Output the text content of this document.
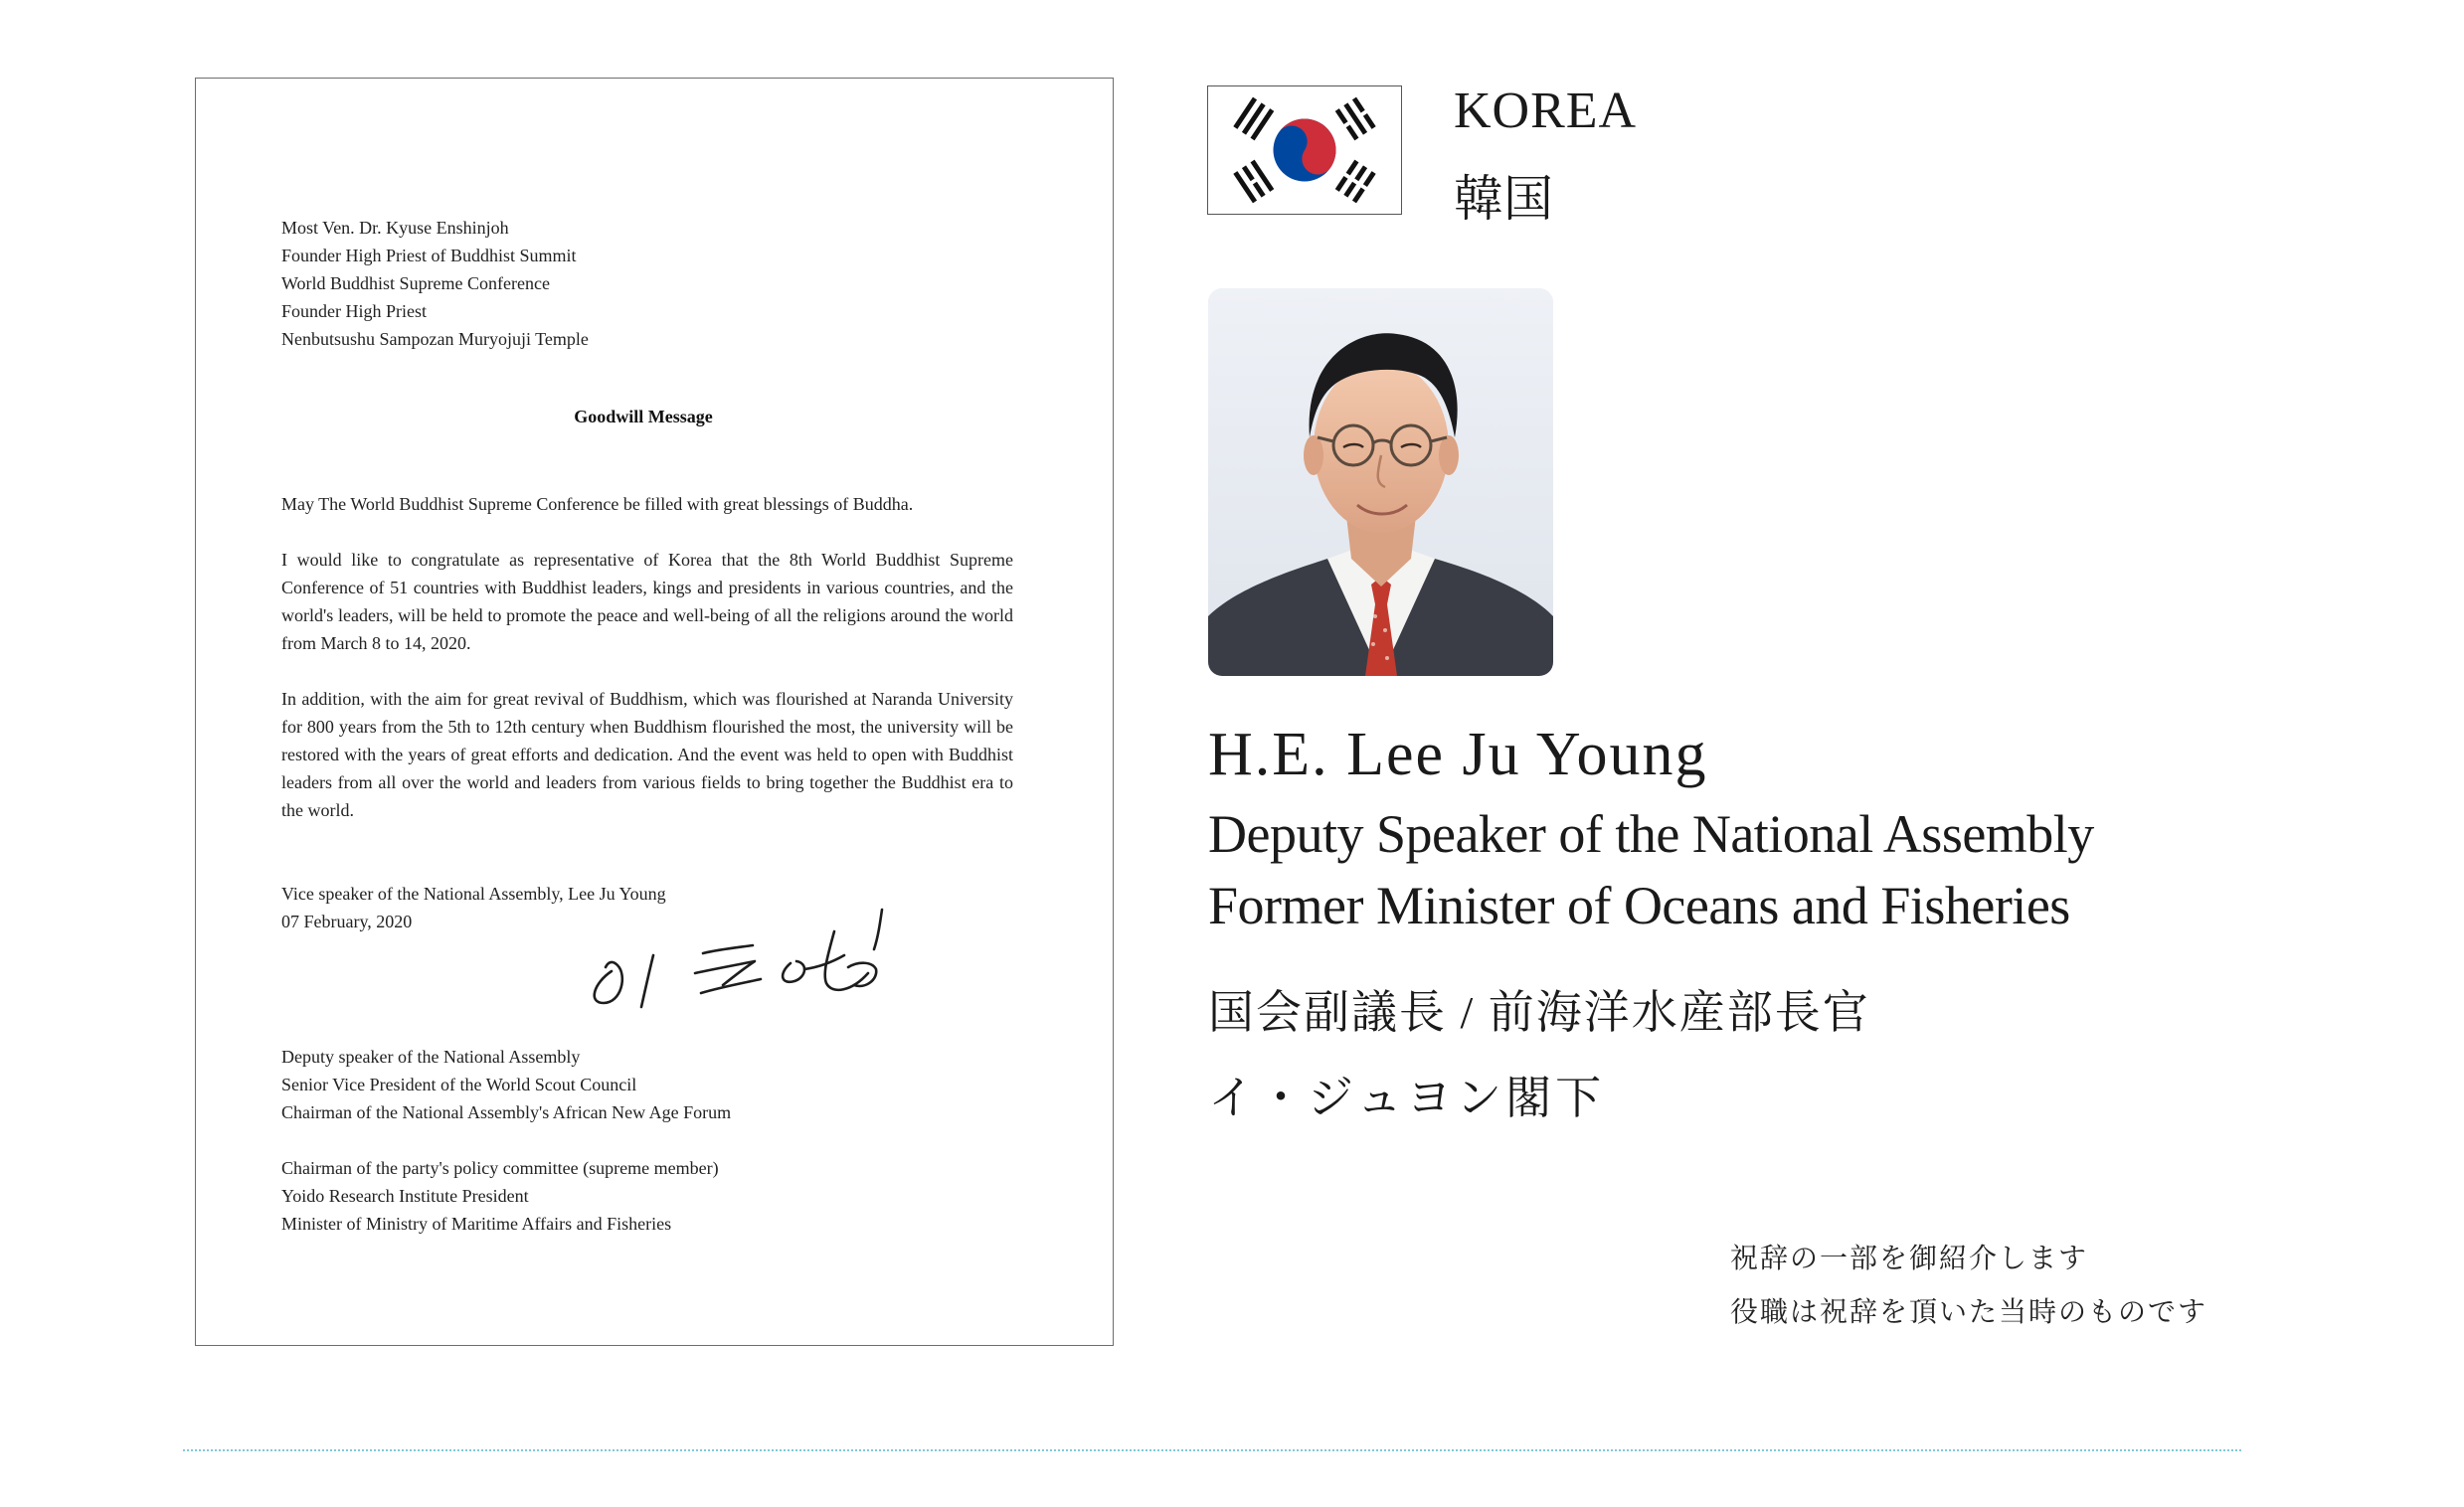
Most Ven. Dr. Kyuse Enshinjoh
Founder High Priest of Buddhist Summit
World Buddhist Supreme Conference
Founder High Priest
Nenbutsushu Sampozan Muryojuji Temple
Goodwill Message

May The World Buddhist Supreme Conference be filled with great blessings of Buddha.

I would like to congratulate as representative of Korea that the 8th World Buddhist Supreme Conference of 51 countries with Buddhist leaders, kings and presidents in various countries, and the world's leaders, will be held to promote the peace and well-being of all the religions around the world from March 8 to 14, 2020.

In addition, with the aim for great revival of Buddhism, which was flourished at Naranda University for 800 years from the 5th to 12th century when Buddhism flourished the most, the university will be restored with the years of great efforts and dedication. And the event was held to open with Buddhist leaders from all over the world and leaders from various fields to bring together the Buddhist era to the world.

Vice speaker of the National Assembly, Lee Ju Young
07 February, 2020
Deputy speaker of the National Assembly
Senior Vice President of the World Scout Council
Chairman of the National Assembly's African New Age Forum
Chairman of the party's policy committee (supreme member)
Yoido Research Institute President
Minister of Ministry of Maritime Affairs and Fisheries
KOREA
韓国
H.E. Lee Ju Young
Deputy Speaker of the National Assembly
Former Minister of Oceans and Fisheries
国会副議長 / 前海洋水産部長官
イ・ジュヨン閣下
祝辞の一部を御紹介します
役職は祝辞を頂いた当時のものです
